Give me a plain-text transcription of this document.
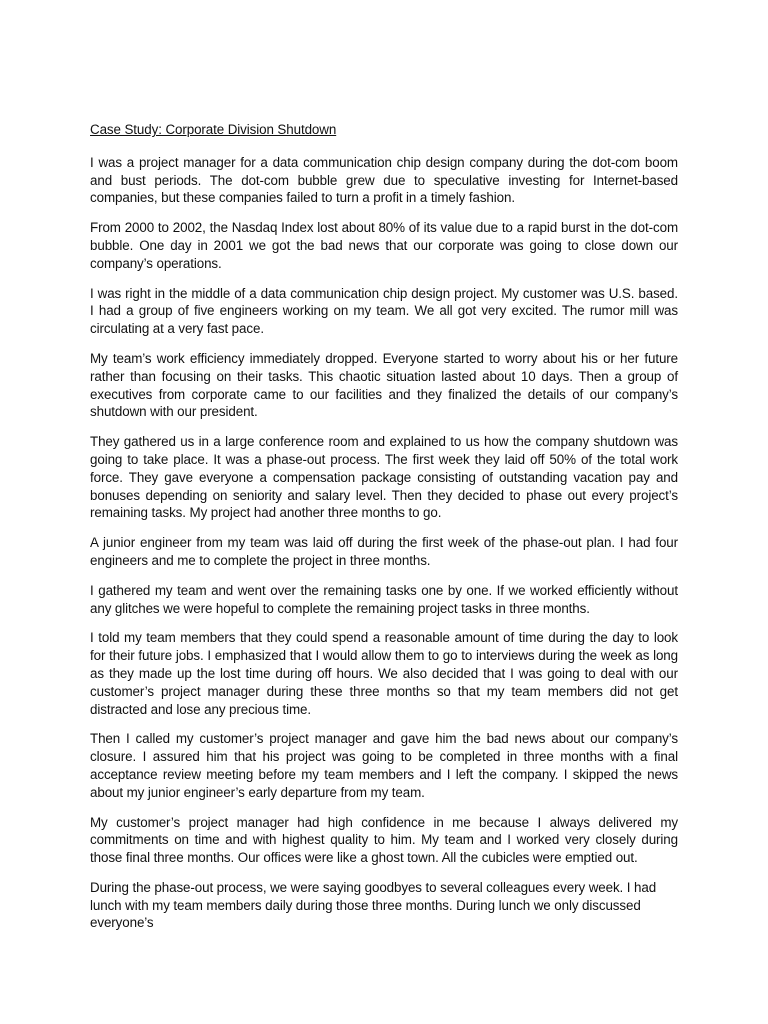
Case Study: Corporate Division Shutdown

I was a project manager for a data communication chip design company during the dot-com boom and bust periods. The dot-com bubble grew due to speculative investing for Internet-based companies, but these companies failed to turn a profit in a timely fashion.

From 2000 to 2002, the Nasdaq Index lost about 80% of its value due to a rapid burst in the dot-com bubble. One day in 2001 we got the bad news that our corporate was going to close down our company’s operations.

I was right in the middle of a data communication chip design project. My customer was U.S. based. I had a group of five engineers working on my team. We all got very excited. The rumor mill was circulating at a very fast pace.

My team’s work efficiency immediately dropped. Everyone started to worry about his or her future rather than focusing on their tasks. This chaotic situation lasted about 10 days. Then a group of executives from corporate came to our facilities and they finalized the details of our company’s shutdown with our president.

They gathered us in a large conference room and explained to us how the company shutdown was going to take place. It was a phase-out process. The first week they laid off 50% of the total work force. They gave everyone a compensation package consisting of outstanding vacation pay and bonuses depending on seniority and salary level. Then they decided to phase out every project’s remaining tasks. My project had another three months to go.

A junior engineer from my team was laid off during the first week of the phase-out plan. I had four engineers and me to complete the project in three months.

I gathered my team and went over the remaining tasks one by one. If we worked efficiently without any glitches we were hopeful to complete the remaining project tasks in three months.

I told my team members that they could spend a reasonable amount of time during the day to look for their future jobs. I emphasized that I would allow them to go to interviews during the week as long as they made up the lost time during off hours. We also decided that I was going to deal with our customer’s project manager during these three months so that my team members did not get distracted and lose any precious time.

Then I called my customer’s project manager and gave him the bad news about our company’s closure. I assured him that his project was going to be completed in three months with a final acceptance review meeting before my team members and I left the company. I skipped the news about my junior engineer’s early departure from my team.

My customer’s project manager had high confidence in me because I always delivered my commitments on time and with highest quality to him. My team and I worked very closely during those final three months. Our offices were like a ghost town. All the cubicles were emptied out.

During the phase-out process, we were saying goodbyes to several colleagues every week. I had lunch with my team members daily during those three months. During lunch we only discussed everyone’s
